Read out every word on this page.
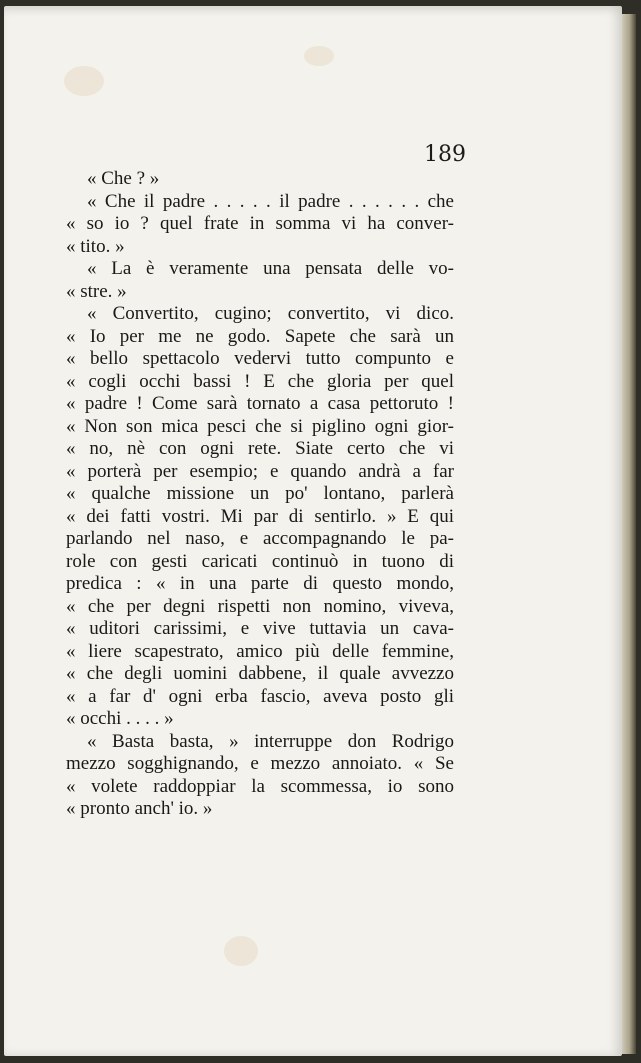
189
« Che ? »
« Che il padre . . . . . il padre . . . . . . che
« so io ? quel frate in somma vi ha conver-
« tito. »
« La è veramente una pensata delle vo-
« stre. »
« Convertito, cugino; convertito, vi dico.
« Io per me ne godo. Sapete che sarà un
« bello spettacolo vedervi tutto compunto e
« cogli occhi bassi ! E che gloria per quel
« padre ! Come sarà tornato a casa pettoruto !
« Non son mica pesci che si piglino ogni gior-
« no, nè con ogni rete. Siate certo che vi
« porterà per esempio; e quando andrà a far
« qualche missione un po' lontano, parlerà
« dei fatti vostri. Mi par di sentirlo. » E qui
parlando nel naso, e accompagnando le pa-
role con gesti caricati continuò in tuono di
predica : « in una parte di questo mondo,
« che per degni rispetti non nomino, viveva,
« uditori carissimi, e vive tuttavia un cava-
« liere scapestrato, amico più delle femmine,
« che degli uomini dabbene, il quale avvezzo
« a far d' ogni erba fascio, aveva posto gli
« occhi . . . . »
« Basta basta, » interruppe don Rodrigo
mezzo sogghignando, e mezzo annoiato. « Se
« volete raddoppiar la scommessa, io sono
« pronto anch' io. »
